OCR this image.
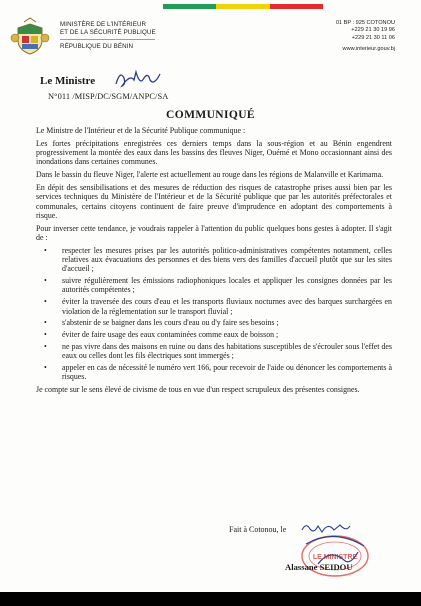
MINISTÈRE DE L'INTÉRIEUR
ET DE LA SÉCURITÉ PUBLIQUE
RÉPUBLIQUE DU BÉNIN
01 BP : 925 COTONOU
+229 21 30 19 96
+229 21 30 11 06
www.interieur.gouv.bj
Le Ministre
N°011 /MISP/DC/SGM/ANPC/SA
COMMUNIQUÉ

Le Ministre de l'Intérieur et de la Sécurité Publique communique :

Les fortes précipitations enregistrées ces derniers temps dans la sous-région et au Bénin engendrent progressivement la montée des eaux dans les bassins des fleuves Niger, Ouémé et Mono occasionnant ainsi des inondations dans certaines communes.

Dans le bassin du fleuve Niger, l'alerte est actuellement au rouge dans les régions de Malanville et Karimama.

En dépit des sensibilisations et des mesures de réduction des risques de catastrophe prises aussi bien par les services techniques du Ministère de l'Intérieur et de la Sécurité publique que par les autorités préfectorales et communales, certains citoyens continuent de faire preuve d'imprudence en adoptant des comportements à risque.

Pour inverser cette tendance, je voudrais rappeler à l'attention du public quelques bons gestes à adopter. Il s'agit de :

• respecter les mesures prises par les autorités politico-administratives compétentes notamment, celles relatives aux évacuations des personnes et des biens vers des familles d'accueil plutôt que sur les sites d'accueil ;
• suivre régulièrement les émissions radiophoniques locales et appliquer les consignes données par les autorités compétentes ;
• éviter la traversée des cours d'eau et les transports fluviaux nocturnes avec des barques surchargées en violation de la réglementation sur le transport fluvial ;
• s'abstenir de se baigner dans les cours d'eau ou d'y faire ses besoins ;
• éviter de faire usage des eaux contaminées comme eaux de boisson ;
• ne pas vivre dans des maisons en ruine ou dans des habitations susceptibles de s'écrouler sous l'effet des eaux ou celles dont les fils électriques sont immergés ;
• appeler en cas de nécessité le numéro vert 166, pour recevoir de l'aide ou dénoncer les comportements à risques.

Je compte sur le sens élevé de civisme de tous en vue d'un respect scrupuleux des présentes consignes.

Fait à Cotonou, le
LE MINISTRE
Alassane SEIDOU
